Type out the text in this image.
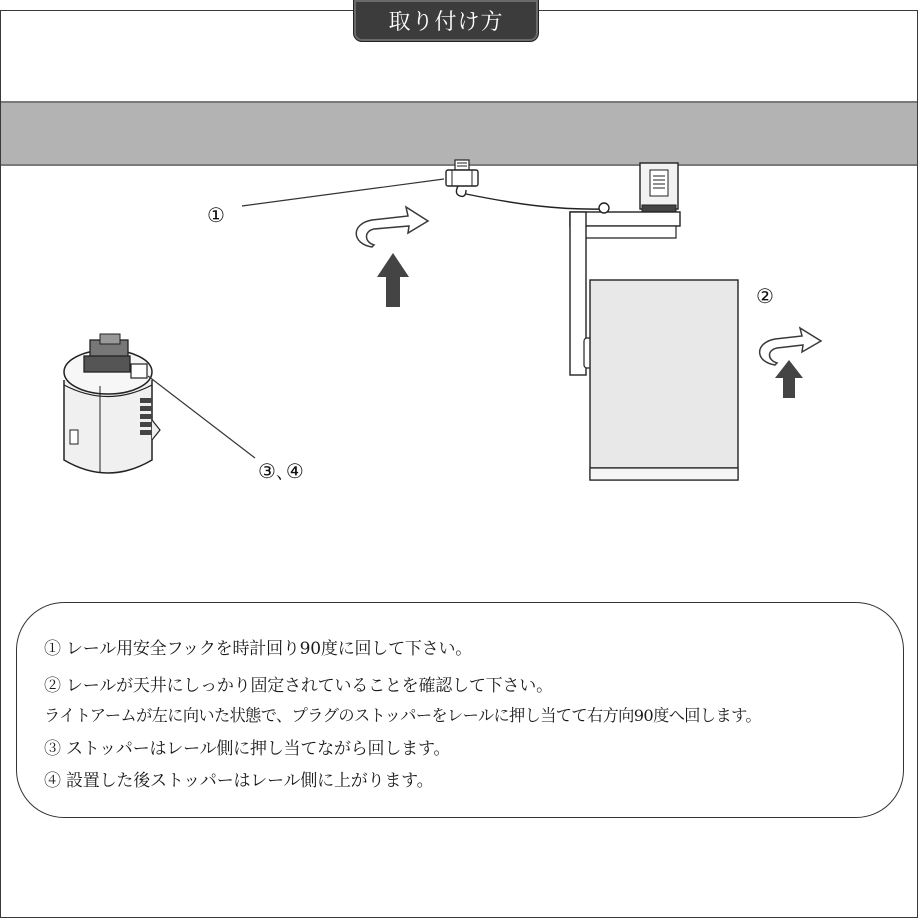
取り付け方
①
②
③､④
① レール用安全フックを時計回り90度に回して下さい。
② レールが天井にしっかり固定されていることを確認して下さい。
ライトアームが左に向いた状態で、プラグのストッパーをレールに押し当てて右方向90度へ回します。
③ ストッパーはレール側に押し当てながら回します。
④ 設置した後ストッパーはレール側に上がります。
